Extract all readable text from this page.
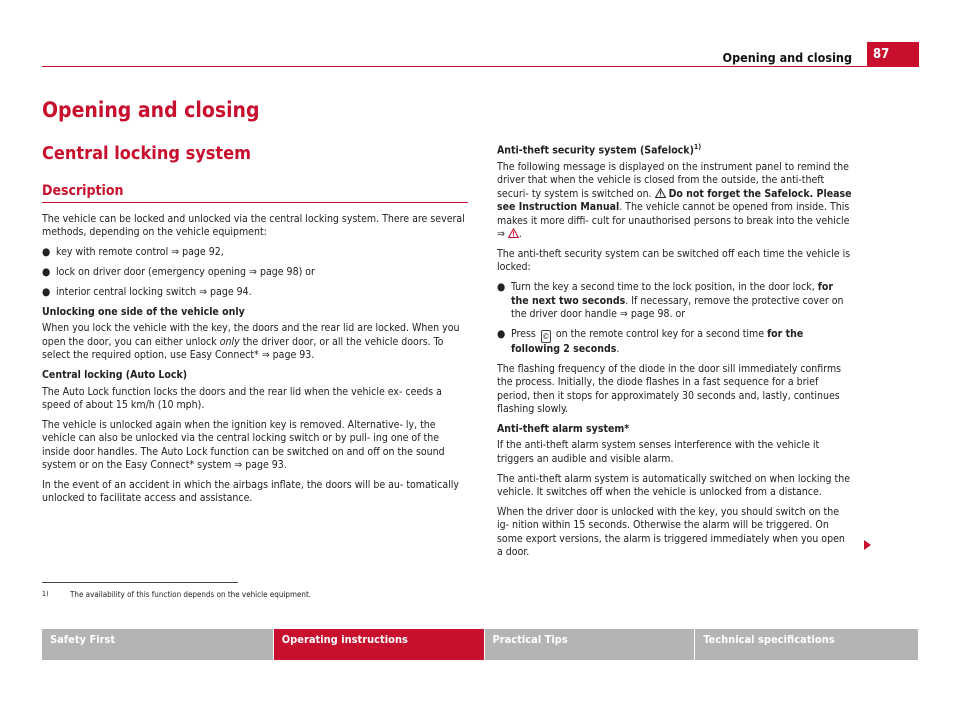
Opening and closing	87
Opening and closing
Central locking system
Description

The vehicle can be locked and unlocked via the central locking system. There are several methods, depending on the vehicle equipment:

● key with remote control ⇒ page 92,
● lock on driver door (emergency opening ⇒ page 98) or
● interior central locking switch ⇒ page 94.

Unlocking one side of the vehicle only

When you lock the vehicle with the key, the doors and the rear lid are locked. When you open the door, you can either unlock only the driver door, or all the vehicle doors. To select the required option, use Easy Connect* ⇒ page 93.

Central locking (Auto Lock)

The Auto Lock function locks the doors and the rear lid when the vehicle ex- ceeds a speed of about 15 km/h (10 mph).

The vehicle is unlocked again when the ignition key is removed. Alternative- ly, the vehicle can also be unlocked via the central locking switch or by pull- ing one of the inside door handles. The Auto Lock function can be switched on and off on the sound system or on the Easy Connect* system ⇒ page 93.

In the event of an accident in which the airbags inflate, the doors will be au- tomatically unlocked to facilitate access and assistance.

Anti-theft security system (Safelock)$^{1)}$

The following message is displayed on the instrument panel to remind the driver that when the vehicle is closed from the outside, the anti-theft securi- ty system is switched on.  Do not forget the Safelock. Please see Instruction Manual. The vehicle cannot be opened from inside. This makes it more diffi- cult for unauthorised persons to break into the vehicle ⇒ .

The anti-theft security system can be switched off each time the vehicle is locked:

● Turn the key a second time to the lock position, in the door lock, for the next two seconds. If necessary, remove the protective cover on the driver door handle ⇒ page 98. or
● Press © on the remote control key for a second time for the following 2 seconds.

The flashing frequency of the diode in the door sill immediately confirms the process. Initially, the diode flashes in a fast sequence for a brief period, then it stops for approximately 30 seconds and, lastly, continues flashing slowly.

Anti-theft alarm system*

If the anti-theft alarm system senses interference with the vehicle it triggers an audible and visible alarm.

The anti-theft alarm system is automatically switched on when locking the vehicle. It switches off when the vehicle is unlocked from a distance.

When the driver door is unlocked with the key, you should switch on the ig- nition within 15 seconds. Otherwise the alarm will be triggered. On some export versions, the alarm is triggered immediately when you open a door.

1)	The availability of this function depends on the vehicle equipment.
Safety First	Operating instructions	Practical Tips	Technical specifications
